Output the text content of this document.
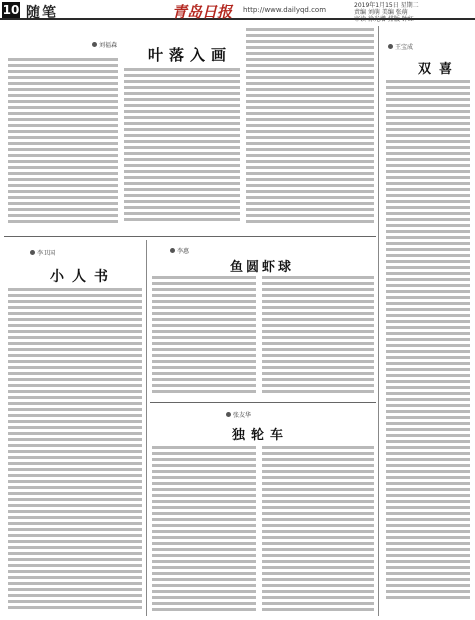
10 随笔	青岛日报 http://www.dailyqd.com
2019年1月15日 星期二
责编 刘萌 美编 张萌
审读 徐光增 排版 钟红
刘福森
叶落入画	王宝成
双喜
李卫国
小人书
李惠
鱼圆虾球
张友华
独轮车
